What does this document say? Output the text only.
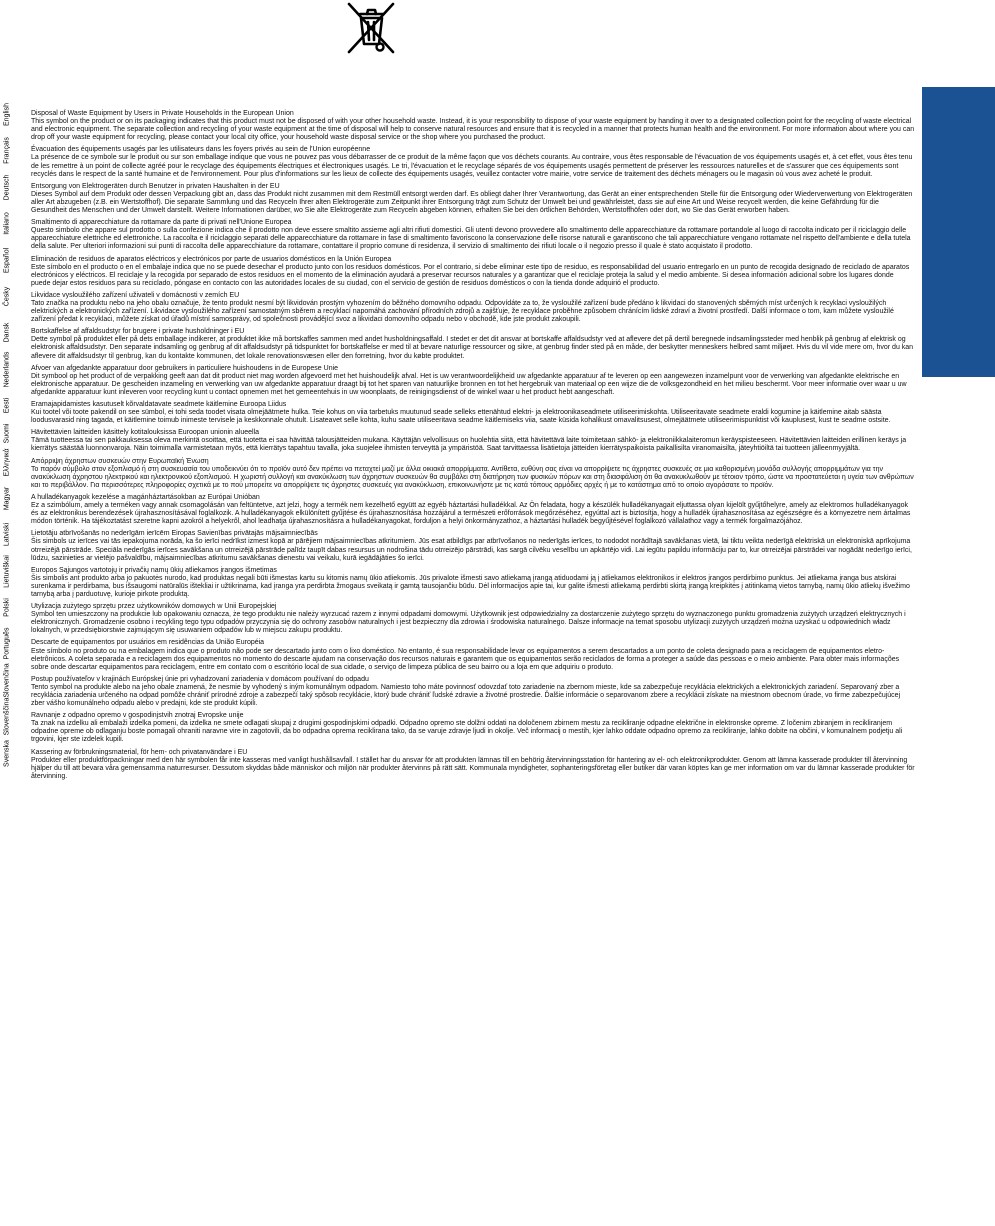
English	Disposal of Waste Equipment by Users in Private Households in the European Union

This symbol on the product or on its packaging indicates that this product must not be disposed of with your other household waste. Instead, it is your responsibility to dispose of your waste equipment by handing it over to a designated collection point for the recycling of waste electrical and electronic equipment. The separate collection and recycling of your waste equipment at the time of disposal will help to conserve natural resources and ensure that it is recycled in a manner that protects human health and the environment. For more information about where you can drop off your waste equipment for recycling, please contact your local city office, your household waste disposal service or the shop where you purchased the product.

Français	Évacuation des équipements usagés par les utilisateurs dans les foyers privés au sein de l'Union européenne

La présence de ce symbole sur le produit ou sur son emballage indique que vous ne pouvez pas vous débarrasser de ce produit de la même façon que vos déchets courants. Au contraire, vous êtes responsable de l'évacuation de vos équipements usagés et, à cet effet, vous êtes tenu de les remettre à un point de collecte agréé pour le recyclage des équipements électriques et électroniques usagés. Le tri, l'évacuation et le recyclage séparés de vos équipements usagés permettent de préserver les ressources naturelles et de s'assurer que ces équipements sont recyclés dans le respect de la santé humaine et de l'environnement. Pour plus d'informations sur les lieux de collecte des équipements usagés, veuillez contacter votre mairie, votre service de traitement des déchets ménagers ou le magasin où vous avez acheté le produit.

Deutsch	Entsorgung von Elektrogeräten durch Benutzer in privaten Haushalten in der EU

Dieses Symbol auf dem Produkt oder dessen Verpackung gibt an, dass das Produkt nicht zusammen mit dem Restmüll entsorgt werden darf. Es obliegt daher Ihrer Verantwortung, das Gerät an einer entsprechenden Stelle für die Entsorgung oder Wiederverwertung von Elektrogeräten aller Art abzugeben (z.B. ein Wertstoffhof). Die separate Sammlung und das Recyceln Ihrer alten Elektrogeräte zum Zeitpunkt ihrer Entsorgung trägt zum Schutz der Umwelt bei und gewährleistet, dass sie auf eine Art und Weise recycelt werden, die keine Gefährdung für die Gesundheit des Menschen und der Umwelt darstellt. Weitere Informationen darüber, wo Sie alte Elektrogeräte zum Recyceln abgeben können, erhalten Sie bei den örtlichen Behörden, Wertstoffhöfen oder dort, wo Sie das Gerät erworben haben.

Italiano	Smaltimento di apparecchiature da rottamare da parte di privati nell'Unione Europea

Questo simbolo che appare sul prodotto o sulla confezione indica che il prodotto non deve essere smaltito assieme agli altri rifiuti domestici. Gli utenti devono provvedere allo smaltimento delle apparecchiature da rottamare portandole al luogo di raccolta indicato per il riciclaggio delle apparecchiature elettriche ed elettroniche. La raccolta e il riciclaggio separati delle apparecchiature da rottamare in fase di smaltimento favoriscono la conservazione delle risorse naturali e garantiscono che tali apparecchiature vengano rottamate nel rispetto dell'ambiente e della tutela della salute. Per ulteriori informazioni sui punti di raccolta delle apparecchiature da rottamare, contattare il proprio comune di residenza, il servizio di smaltimento dei rifiuti locale o il negozio presso il quale è stato acquistato il prodotto.

Español	Eliminación de residuos de aparatos eléctricos y electrónicos por parte de usuarios domésticos en la Unión Europea

Este símbolo en el producto o en el embalaje indica que no se puede desechar el producto junto con los residuos domésticos. Por el contrario, si debe eliminar este tipo de residuo, es responsabilidad del usuario entregarlo en un punto de recogida designado de reciclado de aparatos electrónicos y eléctricos. El reciclaje y la recogida por separado de estos residuos en el momento de la eliminación ayudará a preservar recursos naturales y a garantizar que el reciclaje proteja la salud y el medio ambiente. Si desea información adicional sobre los lugares donde puede dejar estos residuos para su reciclado, póngase en contacto con las autoridades locales de su ciudad, con el servicio de gestión de residuos domésticos o con la tienda donde adquirió el producto.

Česky	Likvidace vysloužilého zařízení uživateli v domácnosti v zemích EU

Tato značka na produktu nebo na jeho obalu označuje, že tento produkt nesmí být likvidován prostým vyhozením do běžného domovního odpadu. Odpovídáte za to, že vysloužilé zařízení bude předáno k likvidaci do stanovených sběrných míst určených k recyklaci vysloužilých elektrických a elektronických zařízení. Likvidace vysloužilého zařízení samostatným sběrem a recyklací napomáhá zachování přírodních zdrojů a zajišťuje, že recyklace proběhne způsobem chránícím lidské zdraví a životní prostředí. Další informace o tom, kam můžete vysloužilé zařízení předat k recyklaci, můžete získat od úřadů místní samosprávy, od společnosti provádějící svoz a likvidaci domovního odpadu nebo v obchodě, kde jste produkt zakoupili.

Dansk	Bortskaffelse af affaldsudstyr for brugere i private husholdninger i EU

Dette symbol på produktet eller på dets emballage indikerer, at produktet ikke må bortskaffes sammen med andet husholdningsaffald. I stedet er det dit ansvar at bortskaffe affaldsudstyr ved at aflevere det på dertil beregnede indsamlingssteder med henblik på genbrug af elektrisk og elektronisk affaldsudstyr. Den separate indsamling og genbrug af dit affaldsudstyr på tidspunktet for bortskaffelse er med til at bevare naturlige ressourcer og sikre, at genbrug finder sted på en måde, der beskytter menneskers helbred samt miljøet. Hvis du vil vide mere om, hvor du kan aflevere dit affaldsudstyr til genbrug, kan du kontakte kommunen, det lokale renovationsvæsen eller den forretning, hvor du købte produktet.

Nederlands	Afvoer van afgedankte apparatuur door gebruikers in particuliere huishoudens in de Europese Unie

Dit symbool op het product of de verpakking geeft aan dat dit product niet mag worden afgevoerd met het huishoudelijk afval. Het is uw verantwoordelijkheid uw afgedankte apparatuur af te leveren op een aangewezen inzamelpunt voor de verwerking van afgedankte elektrische en elektronische apparatuur. De gescheiden inzameling en verwerking van uw afgedankte apparatuur draagt bij tot het sparen van natuurlijke bronnen en tot het hergebruik van materiaal op een wijze die de volksgezondheid en het milieu beschermt. Voor meer informatie over waar u uw afgedankte apparatuur kunt inleveren voor recycling kunt u contact opnemen met het gemeentehuis in uw woonplaats, de reinigingsdienst of de winkel waar u het product hebt aangeschaft.

Eesti	Eramajapidamistes kasutuselt kõrvaldatavate seadmete käitlemine Euroopa Liidus

Kui tootel või toote pakendil on see sümbol, ei tohi seda toodet visata olmejäätmete hulka. Teie kohus on viia tarbetuks muutunud seade selleks ettenähtud elektri- ja elektroonikaseadmete utiliseerimiskohta. Utiliseeritavate seadmete eraldi kogumine ja käitlemine aitab säästa loodusvarasid ning tagada, et käitlemine toimub inimeste tervisele ja keskkonnale ohutult. Lisateavet selle kohta, kuhu saate utiliseeritava seadme käitlemiseks viia, saate küsida kohalikust omavalitsusest, olmejäätmete utiliseerimispunktist või kauplusest, kust te seadme ostsite.

Suomi	Hävitettävien laitteiden käsittely kotitalouksissa Euroopan unionin alueella

Tämä tuotteessa tai sen pakkauksessa oleva merkintä osoittaa, että tuotetta ei saa hävittää talousjätteiden mukana. Käyttäjän velvollisuus on huolehtia siitä, että hävitettävä laite toimitetaan sähkö- ja elektroniikkalaiteromun keräyspisteeseen. Hävitettävien laitteiden erillinen keräys ja kierrätys säästää luonnonvaroja. Näin toimimalla varmistetaan myös, että kierrätys tapahtuu tavalla, joka suojelee ihmisten terveyttä ja ympäristöä. Saat tarvittaessa lisätietoja jätteiden kierrätyspaikoista paikallisilta viranomaisilta, jäteyhtiöiltä tai tuotteen jälleenmyyjältä.

Ελληνικά	Απόρριψη άχρηστων συσκευών στην Ευρωπαϊκή Ένωση

Το παρόν σύμβολο στον εξοπλισμό ή στη συσκευασία του υποδεικνύει ότι το προϊόν αυτό δεν πρέπει να πεταχτεί μαζί με άλλα οικιακά απορρίμματα. Αντίθετα, ευθύνη σας είναι να απορρίψετε τις άχρηστες συσκευές σε μια καθορισμένη μονάδα συλλογής απορριμμάτων για την ανακύκλωση άχρηστου ηλεκτρικού και ηλεκτρονικού εξοπλισμού. Η χωριστή συλλογή και ανακύκλωση των άχρηστων συσκευών θα συμβάλει στη διατήρηση των φυσικών πόρων και στη διασφάλιση ότι θα ανακυκλωθούν με τέτοιον τρόπο, ώστε να προστατεύεται η υγεία των ανθρώπων και το περιβάλλον. Για περισσότερες πληροφορίες σχετικά με το πού μπορείτε να απορρίψετε τις άχρηστες συσκευές για ανακύκλωση, επικοινωνήστε με τις κατά τόπους αρμόδιες αρχές ή με το κατάστημα από το οποίο αγοράσατε το προϊόν.

Magyar	A hulladékanyagok kezelése a magánháztartásokban az Európai Unióban

Ez a szimbólum, amely a terméken vagy annak csomagolásán van feltüntetve, azt jelzi, hogy a termék nem kezelhető együtt az egyéb háztartási hulladékkal. Az Ön feladata, hogy a készülék hulladékanyagait eljuttassa olyan kijelölt gyűjtőhelyre, amely az elektromos hulladékanyagok és az elektronikus berendezések újrahasznosításával foglalkozik. A hulladékanyagok elkülönített gyűjtése és újrahasznosítása hozzájárul a természeti erőforrások megőrzéséhez, egyúttal azt is biztosítja, hogy a hulladék újrahasznosítása az egészségre és a környezetre nem ártalmas módon történik. Ha tájékoztatást szeretne kapni azokról a helyekről, ahol leadhatja újrahasznosításra a hulladékanyagokat, forduljon a helyi önkormányzathoz, a háztartási hulladék begyűjtésével foglalkozó vállalathoz vagy a termék forgalmazójához.

Latviski	Lietotāju atbrīvošanās no nederīgām ierīcēm Eiropas Savienības privātajās mājsaimniecībās

Šis simbols uz ierīces vai tās iepakojuma norāda, ka šo ierīci nedrīkst izmest kopā ar pārējiem mājsaimniecības atkritumiem. Jūs esat atbildīgs par atbrīvošanos no nederīgās ierīces, to nododot norādītajā savākšanas vietā, lai tiktu veikta nederīgā elektriskā un elektroniskā aprīkojuma otrreizējā pārstrāde. Speciāla nederīgās ierīces savākšana un otrreizējā pārstrāde palīdz taupīt dabas resursus un nodrošina tādu otrreizējo pārstrādi, kas sargā cilvēku veselību un apkārtējo vidi. Lai iegūtu papildu informāciju par to, kur otrreizējai pārstrādei var nogādāt nederīgo ierīci, lūdzu, sazinieties ar vietējo pašvaldību, mājsaimniecības atkritumu savākšanas dienestu vai veikalu, kurā iegādājāties šo ierīci.

Lietuviškai	Europos Sąjungos vartotojų ir privačių namų ūkių atliekamos įrangos išmetimas

Šis simbolis ant produkto arba jo pakuotės nurodo, kad produktas negali būti išmestas kartu su kitomis namų ūkio atliekomis. Jūs privalote išmesti savo atliekamą įrangą atiduodami ją į atliekamos elektronikos ir elektros įrangos perdirbimo punktus. Jei atliekama įranga bus atskirai surenkama ir perdirbama, bus išsaugomi natūralūs ištekliai ir užtikrinama, kad įranga yra perdirbta žmogaus sveikatą ir gamtą tausojančiu būdu. Dėl informacijos apie tai, kur galite išmesti atliekamą perdirbti skirtą įrangą kreipkitės į atitinkamą vietos tarnybą, namų ūkio atliekų išvežimo tarnybą arba į parduotuvę, kurioje pirkote produktą.

Polski	Utylizacja zużytego sprzętu przez użytkowników domowych w Unii Europejskiej

Symbol ten umieszczony na produkcie lub opakowaniu oznacza, że tego produktu nie należy wyrzucać razem z innymi odpadami domowymi. Użytkownik jest odpowiedzialny za dostarczenie zużytego sprzętu do wyznaczonego punktu gromadzenia zużytych urządzeń elektrycznych i elektronicznych. Gromadzenie osobno i recykling tego typu odpadów przyczynia się do ochrony zasobów naturalnych i jest bezpieczny dla zdrowia i środowiska naturalnego. Dalsze informacje na temat sposobu utylizacji zużytych urządzeń można uzyskać u odpowiednich władz lokalnych, w przedsiębiorstwie zajmującym się usuwaniem odpadów lub w miejscu zakupu produktu.

Português	Descarte de equipamentos por usuários em residências da União Européia

Este símbolo no produto ou na embalagem indica que o produto não pode ser descartado junto com o lixo doméstico. No entanto, é sua responsabilidade levar os equipamentos a serem descartados a um ponto de coleta designado para a reciclagem de equipamentos eletro-eletrônicos. A coleta separada e a reciclagem dos equipamentos no momento do descarte ajudam na conservação dos recursos naturais e garantem que os equipamentos serão reciclados de forma a proteger a saúde das pessoas e o meio ambiente. Para obter mais informações sobre onde descartar equipamentos para reciclagem, entre em contato com o escritório local de sua cidade, o serviço de limpeza pública de seu bairro ou a loja em que adquiriu o produto.

Slovenčina	Postup používateľov v krajinách Európskej únie pri vyhadzovaní zariadenia v domácom používaní do odpadu

Tento symbol na produkte alebo na jeho obale znamená, že nesmie by vyhodený s iným komunálnym odpadom. Namiesto toho máte povinnosť odovzdať toto zariadenie na zbernom mieste, kde sa zabezpečuje recyklácia elektrických a elektronických zariadení. Separovaný zber a recyklácia zariadenia určeného na odpad pomôže chrániť prírodné zdroje a zabezpečí taký spôsob recyklácie, ktorý bude chrániť ľudské zdravie a životné prostredie. Ďalšie informácie o separovanom zbere a recyklácii získate na miestnom obecnom úrade, vo firme zabezpečujúcej zber vášho komunálneho odpadu alebo v predajni, kde ste produkt kúpili.

Slovenščina	Ravnanje z odpadno opremo v gospodinjstvih znotraj Evropske unije

Ta znak na izdelku ali embalaži izdelka pomeni, da izdelka ne smete odlagati skupaj z drugimi gospodinjskimi odpadki. Odpadno opremo ste dolžni oddati na določenem zbirnem mestu za recikliranje odpadne električne in elektronske opreme. Z ločenim zbiranjem in recikliranjem odpadne opreme ob odlaganju boste pomagali ohraniti naravne vire in zagotovili, da bo odpadna oprema reciklirana tako, da se varuje zdravje ljudi in okolje. Več informacij o mestih, kjer lahko oddate odpadno opremo za recikliranje, lahko dobite na občini, v komunalnem podjetju ali trgovini, kjer ste izdelek kupili.

Svenska	Kassering av förbrukningsmaterial, för hem- och privatanvändare i EU

Produkter eller produktförpackningar med den här symbolen får inte kasseras med vanligt hushållsavfall. I stället har du ansvar för att produkten lämnas till en behörig återvinningsstation för hantering av el- och elektronikprodukter. Genom att lämna kasserade produkter till återvinning hjälper du till att bevara våra gemensamma naturresurser. Dessutom skyddas både människor och miljön när produkter återvinns på rätt sätt. Kommunala myndigheter, sophanteringsföretag eller butiker där varan köptes kan ge mer information om var du lämnar kasserade produkter för återvinning.
